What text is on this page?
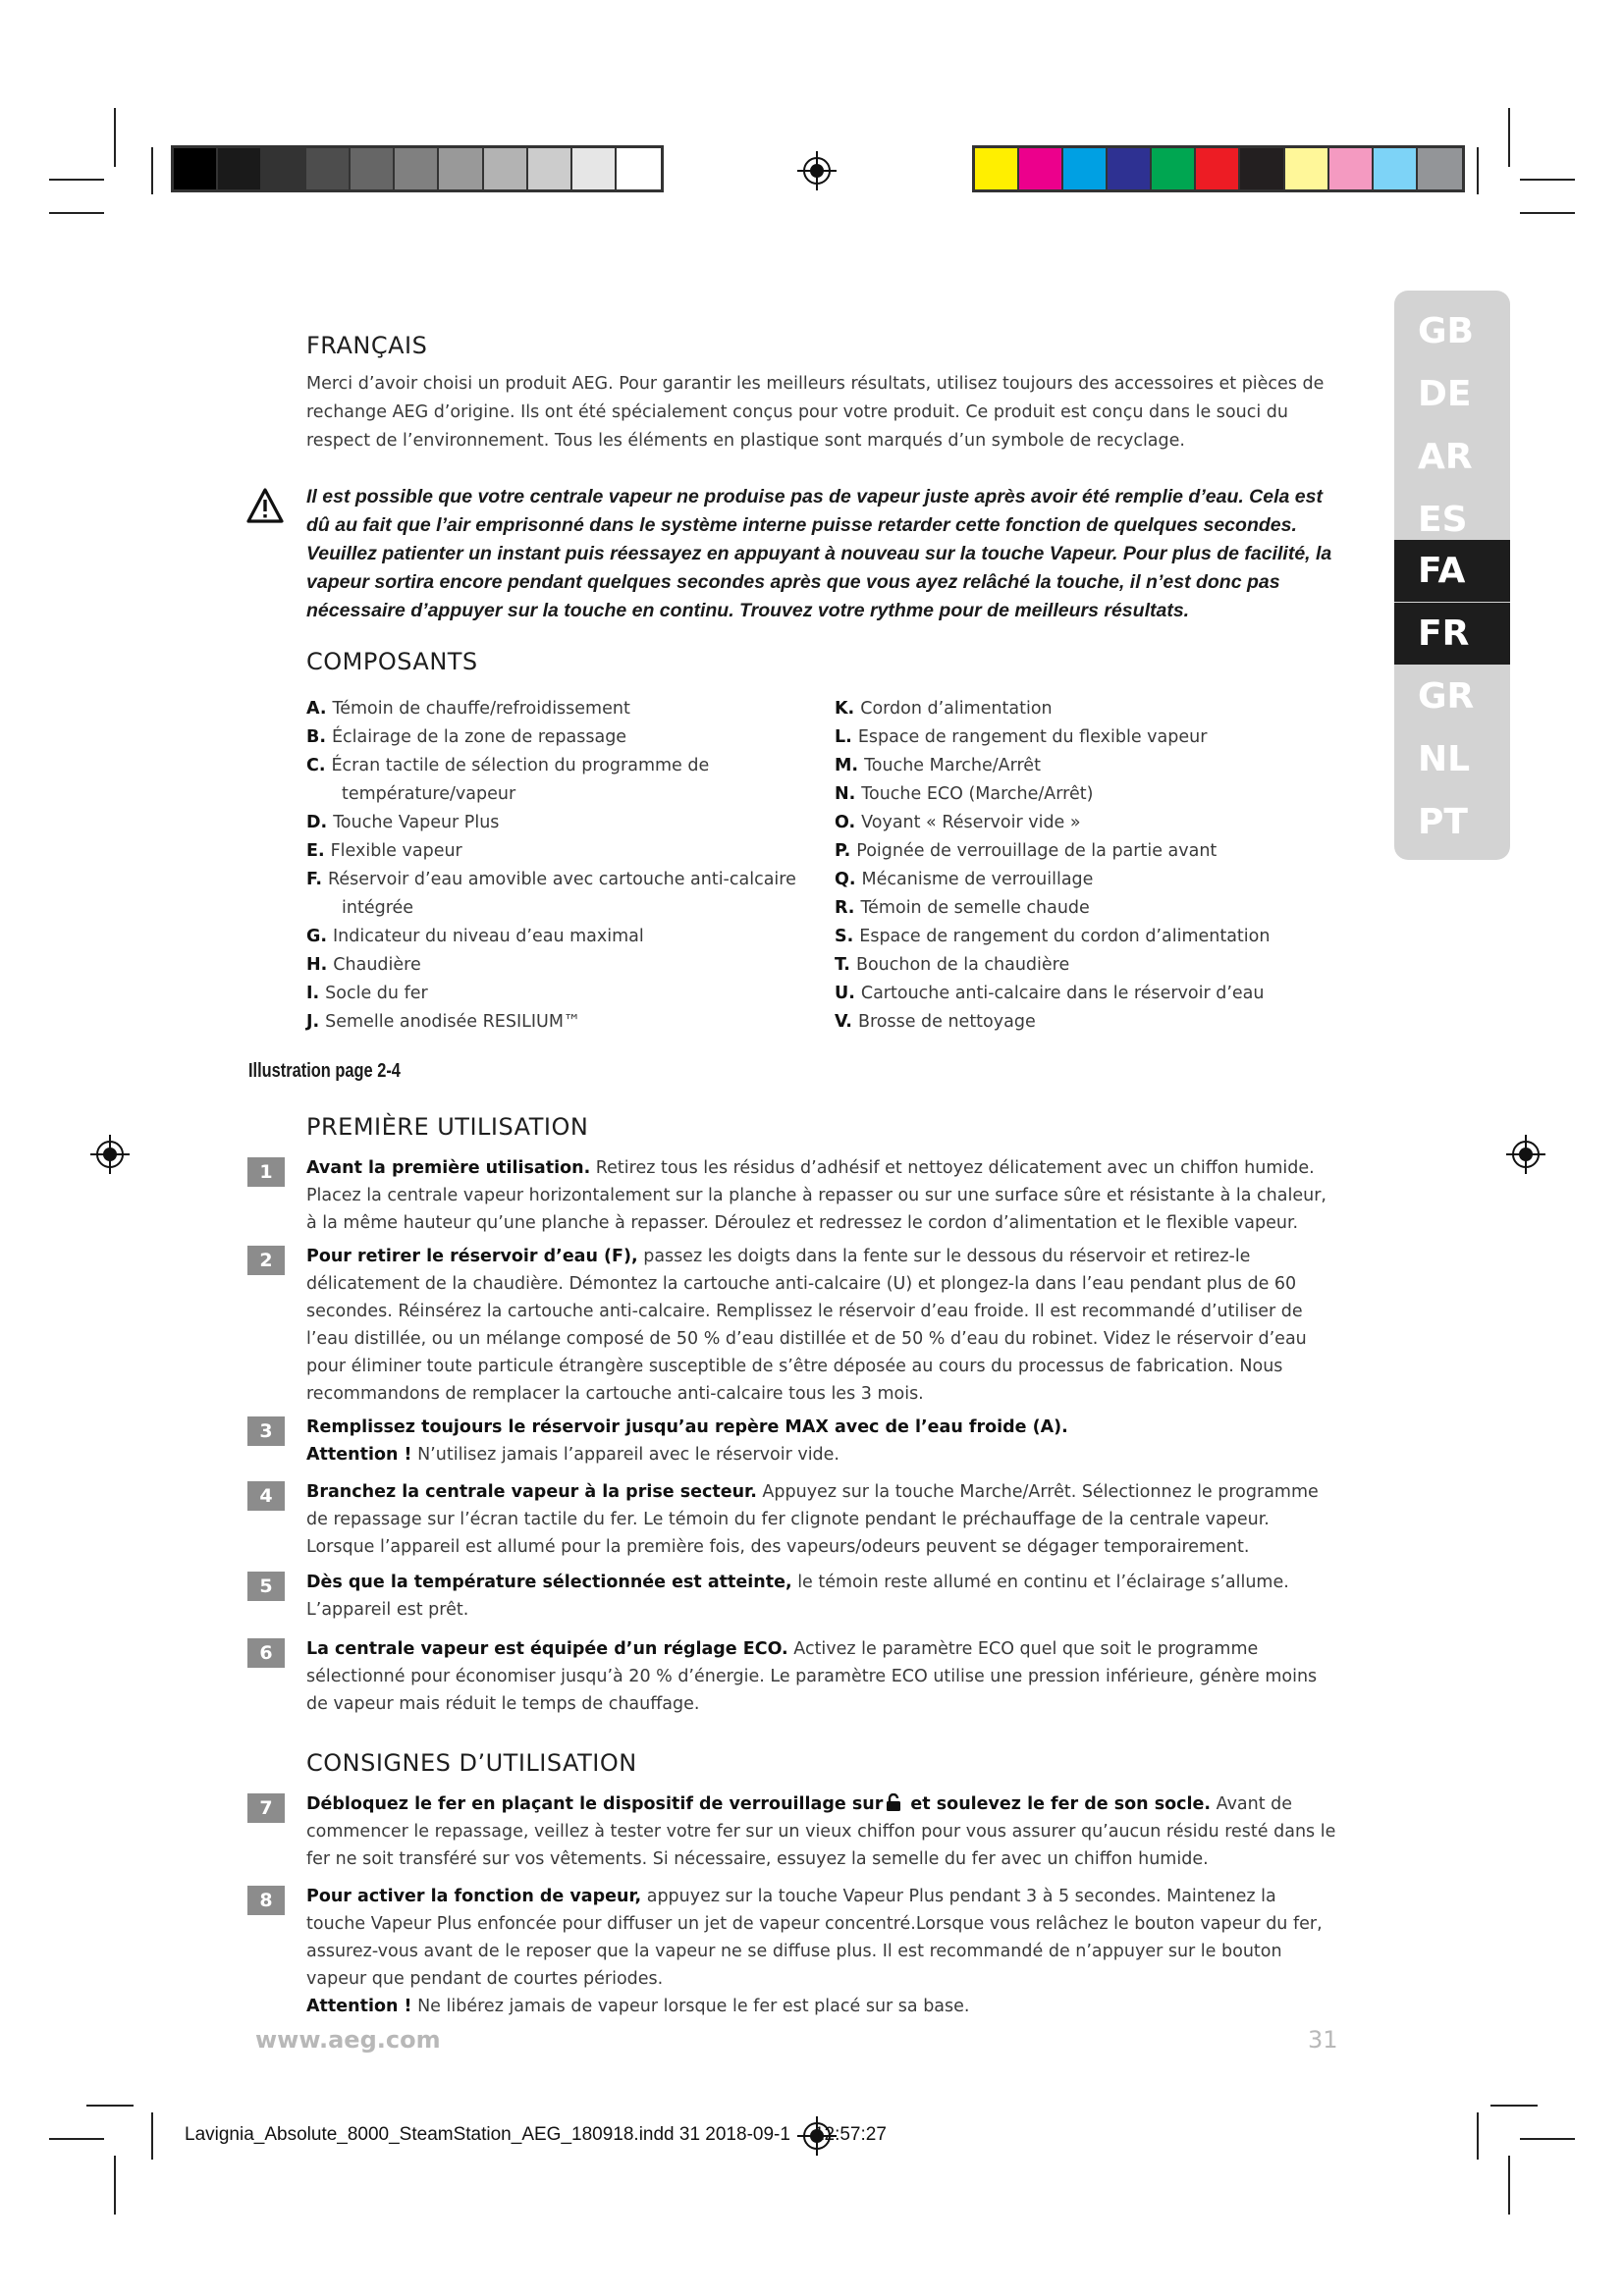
GB
DE
AR
ES
FA
FR
GR
NL
PT
FRANÇAIS
Merci d’avoir choisi un produit AEG. Pour garantir les meilleurs résultats, utilisez toujours des accessoires et pièces de rechange AEG d’origine. Ils ont été spécialement conçus pour votre produit. Ce produit est conçu dans le souci du respect de l’environnement. Tous les éléments en plastique sont marqués d’un symbole de recyclage.
Il est possible que votre centrale vapeur ne produise pas de vapeur juste après avoir été remplie d’eau. Cela est dû au fait que l’air emprisonné dans le système interne puisse retarder cette fonction de quelques secondes. Veuillez patienter un instant puis réessayez en appuyant à nouveau sur la touche Vapeur. Pour plus de facilité, la vapeur sortira encore pendant quelques secondes après que vous ayez relâché la touche, il n’est donc pas nécessaire d’appuyer sur la touche en continu. Trouvez votre rythme pour de meilleurs résultats.
COMPOSANTS
A. Témoin de chauffe/refroidissement
B. Éclairage de la zone de repassage
C. Écran tactile de sélection du programme de
température/vapeur
D. Touche Vapeur Plus
E. Flexible vapeur
F. Réservoir d’eau amovible avec cartouche anti-calcaire
intégrée
G. Indicateur du niveau d’eau maximal
H. Chaudière
I. Socle du fer
J. Semelle anodisée RESILIUM™
K. Cordon d’alimentation
L. Espace de rangement du flexible vapeur
M. Touche Marche/Arrêt
N. Touche ECO (Marche/Arrêt)
O. Voyant « Réservoir vide »
P. Poignée de verrouillage de la partie avant
Q. Mécanisme de verrouillage
R. Témoin de semelle chaude
S. Espace de rangement du cordon d’alimentation
T. Bouchon de la chaudière
U. Cartouche anti-calcaire dans le réservoir d’eau
V. Brosse de nettoyage
Illustration page 2-4
PREMIÈRE UTILISATION
1	Avant la première utilisation. Retirez tous les résidus d’adhésif et nettoyez délicatement avec un chiffon humide. Placez la centrale vapeur horizontalement sur la planche à repasser ou sur une surface sûre et résistante à la chaleur, à la même hauteur qu’une planche à repasser. Déroulez et redressez le cordon d’alimentation et le flexible vapeur.
2	Pour retirer le réservoir d’eau (F), passez les doigts dans la fente sur le dessous du réservoir et retirez-le délicatement de la chaudière. Démontez la cartouche anti-calcaire (U) et plongez-la dans l’eau pendant plus de 60 secondes. Réinsérez la cartouche anti-calcaire. Remplissez le réservoir d’eau froide. Il est recommandé d’utiliser de l’eau distillée, ou un mélange composé de 50 % d’eau distillée et de 50 % d’eau du robinet. Videz le réservoir d’eau pour éliminer toute particule étrangère susceptible de s’être déposée au cours du processus de fabrication. Nous recommandons de remplacer la cartouche anti-calcaire tous les 3 mois.
3	Remplissez toujours le réservoir jusqu’au repère MAX avec de l’eau froide (A).
Attention ! N’utilisez jamais l’appareil avec le réservoir vide.
4	Branchez la centrale vapeur à la prise secteur. Appuyez sur la touche Marche/Arrêt. Sélectionnez le programme de repassage sur l’écran tactile du fer. Le témoin du fer clignote pendant le préchauffage de la centrale vapeur. Lorsque l’appareil est allumé pour la première fois, des vapeurs/odeurs peuvent se dégager temporairement.
5	Dès que la température sélectionnée est atteinte, le témoin reste allumé en continu et l’éclairage s’allume. L’appareil est prêt.
6	La centrale vapeur est équipée d’un réglage ECO. Activez le paramètre ECO quel que soit le programme sélectionné pour économiser jusqu’à 20 % d’énergie. Le paramètre ECO utilise une pression inférieure, génère moins de vapeur mais réduit le temps de chauffage.
CONSIGNES D’UTILISATION
7	Débloquez le fer en plaçant le dispositif de verrouillage sur et soulevez le fer de son socle. Avant de commencer le repassage, veillez à tester votre fer sur un vieux chiffon pour vous assurer qu’aucun résidu resté dans le fer ne soit transféré sur vos vêtements. Si nécessaire, essuyez la semelle du fer avec un chiffon humide.
8	Pour activer la fonction de vapeur, appuyez sur la touche Vapeur Plus pendant 3 à 5 secondes. Maintenez la touche Vapeur Plus enfoncée pour diffuser un jet de vapeur concentré.Lorsque vous relâchez le bouton vapeur du fer, assurez-vous avant de le reposer que la vapeur ne se diffuse plus. Il est recommandé de n’appuyer sur le bouton vapeur que pendant de courtes périodes.
Attention ! Ne libérez jamais de vapeur lorsque le fer est placé sur sa base.
www.aeg.com	31
Lavignia_Absolute_8000_SteamStation_AEG_180918.indd 31 2018-09-1 12:57:27
